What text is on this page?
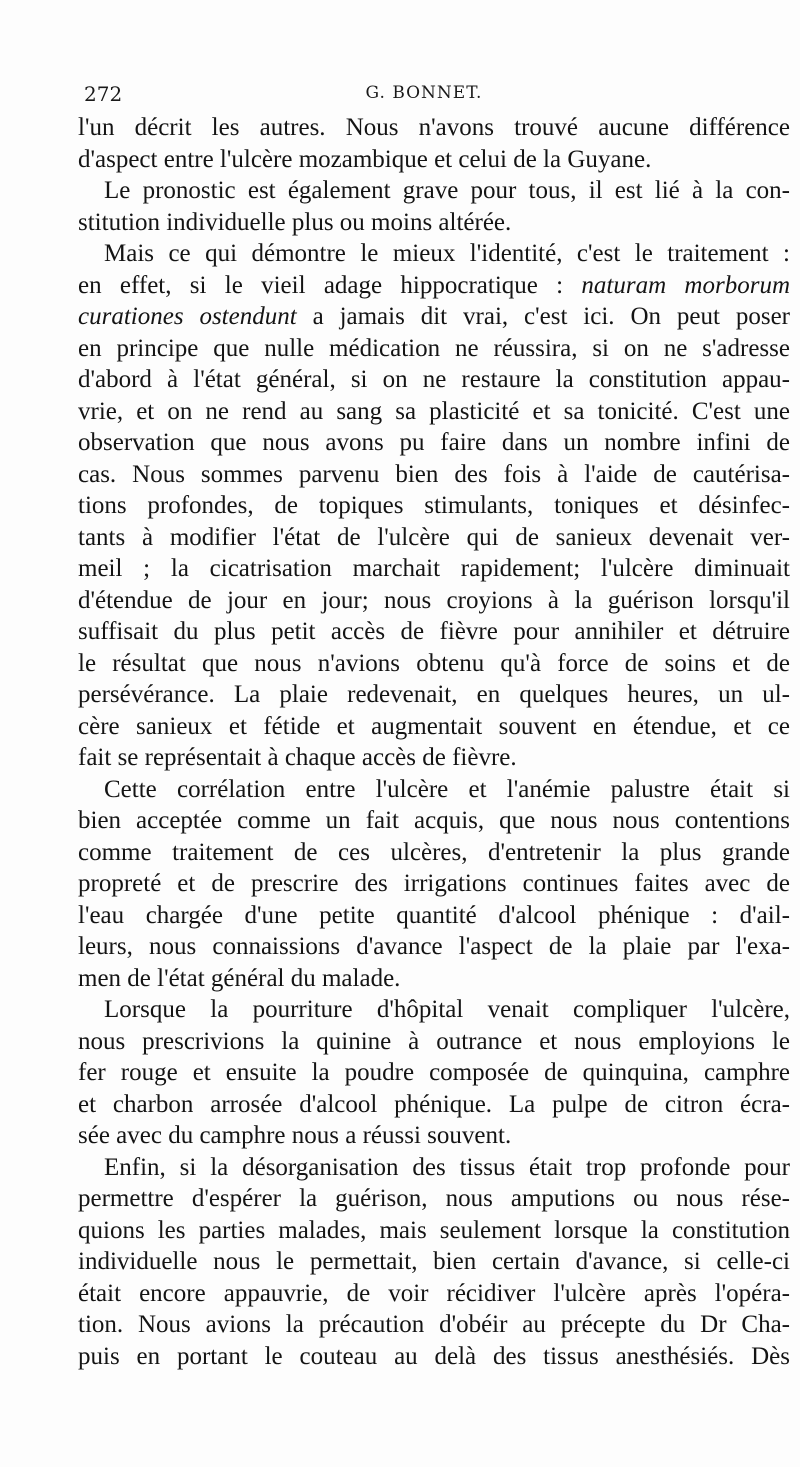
272	G. BONNET.
l'un décrit les autres. Nous n'avons trouvé aucune différence
d'aspect entre l'ulcère mozambique et celui de la Guyane.
Le pronostic est également grave pour tous, il est lié à la con-
stitution individuelle plus ou moins altérée.
Mais ce qui démontre le mieux l'identité, c'est le traitement :
en effet, si le vieil adage hippocratique : naturam morborum
curationes ostendunt a jamais dit vrai, c'est ici. On peut poser
en principe que nulle médication ne réussira, si on ne s'adresse
d'abord à l'état général, si on ne restaure la constitution appau-
vrie, et on ne rend au sang sa plasticité et sa tonicité. C'est une
observation que nous avons pu faire dans un nombre infini de
cas. Nous sommes parvenu bien des fois à l'aide de cautérisa-
tions profondes, de topiques stimulants, toniques et désinfec-
tants à modifier l'état de l'ulcère qui de sanieux devenait ver-
meil ; la cicatrisation marchait rapidement; l'ulcère diminuait
d'étendue de jour en jour; nous croyions à la guérison lorsqu'il
suffisait du plus petit accès de fièvre pour annihiler et détruire
le résultat que nous n'avions obtenu qu'à force de soins et de
persévérance. La plaie redevenait, en quelques heures, un ul-
cère sanieux et fétide et augmentait souvent en étendue, et ce
fait se représentait à chaque accès de fièvre.
Cette corrélation entre l'ulcère et l'anémie palustre était si
bien acceptée comme un fait acquis, que nous nous contentions
comme traitement de ces ulcères, d'entretenir la plus grande
propreté et de prescrire des irrigations continues faites avec de
l'eau chargée d'une petite quantité d'alcool phénique : d'ail-
leurs, nous connaissions d'avance l'aspect de la plaie par l'exa-
men de l'état général du malade.
Lorsque la pourriture d'hôpital venait compliquer l'ulcère,
nous prescrivions la quinine à outrance et nous employions le
fer rouge et ensuite la poudre composée de quinquina, camphre
et charbon arrosée d'alcool phénique. La pulpe de citron écra-
sée avec du camphre nous a réussi souvent.
Enfin, si la désorganisation des tissus était trop profonde pour
permettre d'espérer la guérison, nous amputions ou nous rése-
quions les parties malades, mais seulement lorsque la constitution
individuelle nous le permettait, bien certain d'avance, si celle-ci
était encore appauvrie, de voir récidiver l'ulcère après l'opéra-
tion. Nous avions la précaution d'obéir au précepte du Dr Cha-
puis en portant le couteau au delà des tissus anesthésiés. Dès
